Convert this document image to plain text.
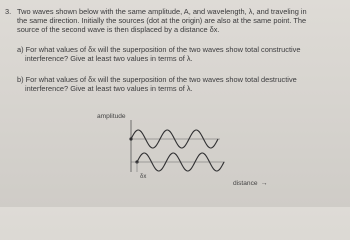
3. Two waves shown below with the same amplitude, A, and wavelength, λ, and traveling in
the same direction. Initially the sources (dot at the origin) are also at the same point. The
source of the second wave is then displaced by a distance δx.
a) For what values of δx will the superposition of the two waves show total constructive
interference? Give at least two values in terms of λ.
b) For what values of δx will the superposition of the two waves show total destructive
interference? Give at least two values in terms of λ.
amplitude
δx
distance →
